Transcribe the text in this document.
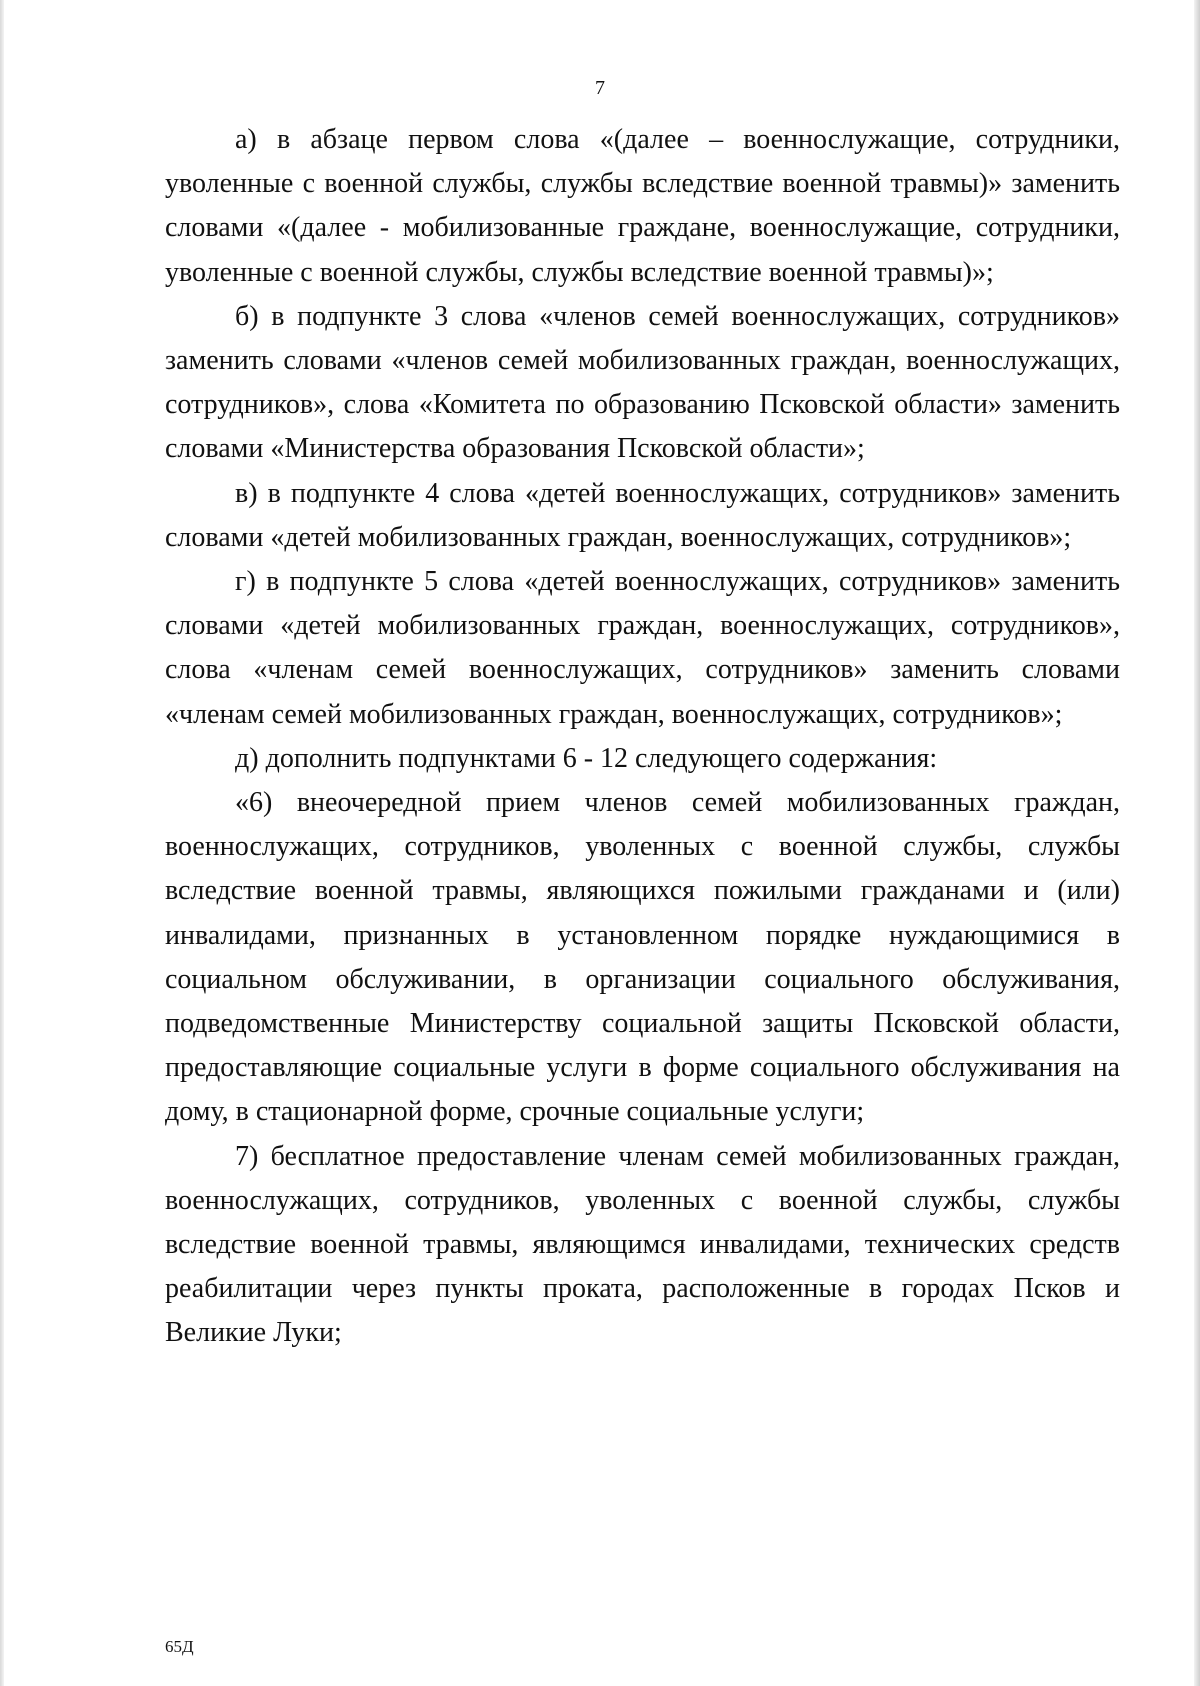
7

а) в абзаце первом слова «(далее – военнослужащие, сотрудники, уволенные с военной службы, службы вследствие военной травмы)» заменить словами «(далее - мобилизованные граждане, военнослужащие, сотрудники, уволенные с военной службы, службы вследствие военной травмы)»;

б) в подпункте 3 слова «членов семей военнослужащих, сотрудников» заменить словами «членов семей мобилизованных граждан, военнослужащих, сотрудников», слова «Комитета по образованию Псковской области» заменить словами «Министерства образования Псковской области»;

в) в подпункте 4 слова «детей военнослужащих, сотрудников» заменить словами «детей мобилизованных граждан, военнослужащих, сотрудников»;

г) в подпункте 5 слова «детей военнослужащих, сотрудников» заменить словами «детей мобилизованных граждан, военнослужащих, сотрудников», слова «членам семей военнослужащих, сотрудников» заменить словами «членам семей мобилизованных граждан, военнослужащих, сотрудников»;

д) дополнить подпунктами 6 - 12 следующего содержания:

«6) внеочередной прием членов семей мобилизованных граждан, военнослужащих, сотрудников, уволенных с военной службы, службы вследствие военной травмы, являющихся пожилыми гражданами и (или) инвалидами, признанных в установленном порядке нуждающимися в социальном обслуживании, в организации социального обслуживания, подведомственные Министерству социальной защиты Псковской области, предоставляющие социальные услуги в форме социального обслуживания на дому, в стационарной форме, срочные социальные услуги;

7) бесплатное предоставление членам семей мобилизованных граждан, военнослужащих, сотрудников, уволенных с военной службы, службы вследствие военной травмы, являющимся инвалидами, технических средств реабилитации через пункты проката, расположенные в городах Псков и Великие Луки;

65Д
